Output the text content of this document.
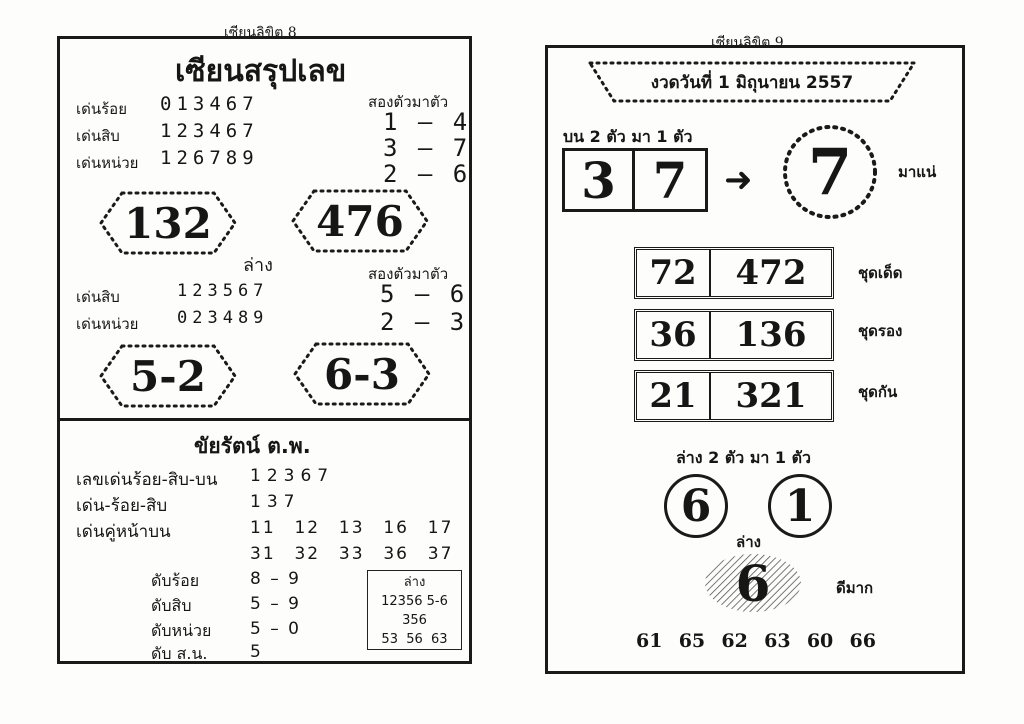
เซียนลิขิต 8
เซียนสรุปเลข
เด่นร้อย 013467
เด่นสิบ 123467
เด่นหน่วย 126789
สองตัวมาตัว
1 – 4
3 – 7
2 – 6
132	476
ล่าง	สองตัวมาตัว
เด่นสิบ	123567
เด่นหน่วย 023489
5 – 6
2 – 3
5-2	6-3
ขัยรัตน์ ต.พ.
เลขเด่นร้อย-สิบ-บน 12367
เด่น-ร้อย-สิบ	137
เด่นคู่หน้าบน	11  12  13  16  17
31  32  33  36  37
ดับร้อย	8 – 9
ดับสิบ	5 – 9
ดับหน่วย 5 – 0
ดับ ส.น. 5
ล่าง
12356 5-6
356
53  56  63
เซียนลิขิต 9
งวดวันที่ 1 มิถุนายน 2557
บน 2 ตัว มา 1 ตัว
3 7	➜ 7	มาแน่
72	472	ชุดเด็ด
36	136	ชุดรอง
21	321	ชุดกัน
ล่าง 2 ตัว มา 1 ตัว
6	1
ล่าง
6	ดีมาก
61 65 62 63 60 66
